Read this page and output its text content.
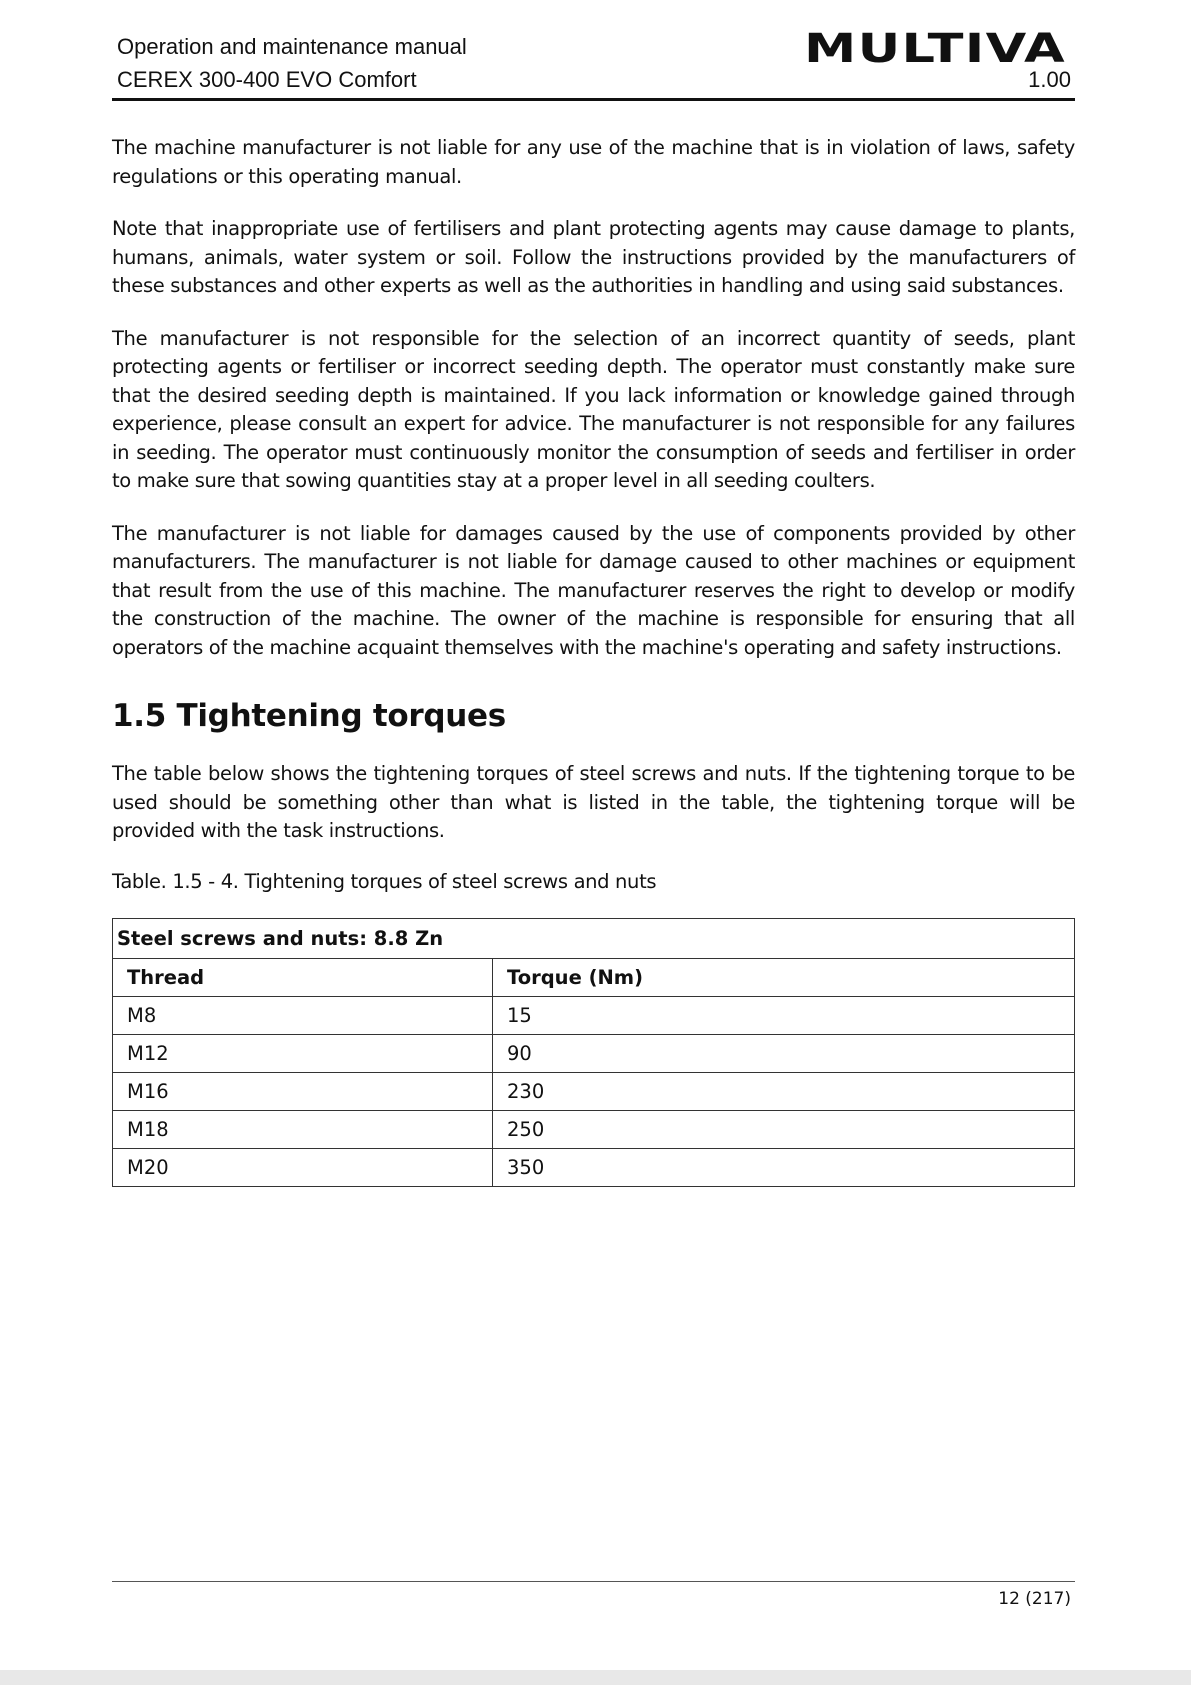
Operation and maintenance manual
CEREX 300-400 EVO Comfort	1.00
MULTIVA

The machine manufacturer is not liable for any use of the machine that is in violation of laws, safety regulations or this operating manual.

Note that inappropriate use of fertilisers and plant protecting agents may cause damage to plants, humans, animals, water system or soil. Follow the instructions provided by the manufacturers of these substances and other experts as well as the authorities in handling and using said substances.

The manufacturer is not responsible for the selection of an incorrect quantity of seeds, plant protecting agents or fertiliser or incorrect seeding depth. The operator must constantly make sure that the desired seeding depth is maintained. If you lack information or knowledge gained through experience, please consult an expert for advice. The manufacturer is not responsible for any failures in seeding. The operator must continuously monitor the consumption of seeds and fertiliser in order to make sure that sowing quantities stay at a proper level in all seeding coulters.

The manufacturer is not liable for damages caused by the use of components provided by other manufacturers. The manufacturer is not liable for damage caused to other machines or equipment that result from the use of this machine. The manufacturer reserves the right to develop or modify the construction of the machine. The owner of the machine is responsible for ensuring that all operators of the machine acquaint themselves with the machine's operating and safety instructions.

1.5 Tightening torques

The table below shows the tightening torques of steel screws and nuts. If the tightening torque to be used should be something other than what is listed in the table, the tightening torque will be provided with the task instructions.

Table. 1.5 - 4. Tightening torques of steel screws and nuts
Steel screws and nuts: 8.8 Zn	
Thread	Torque (Nm)
M8	15
M12	90
M16	230
M18	250
M20	350
12 (217)
